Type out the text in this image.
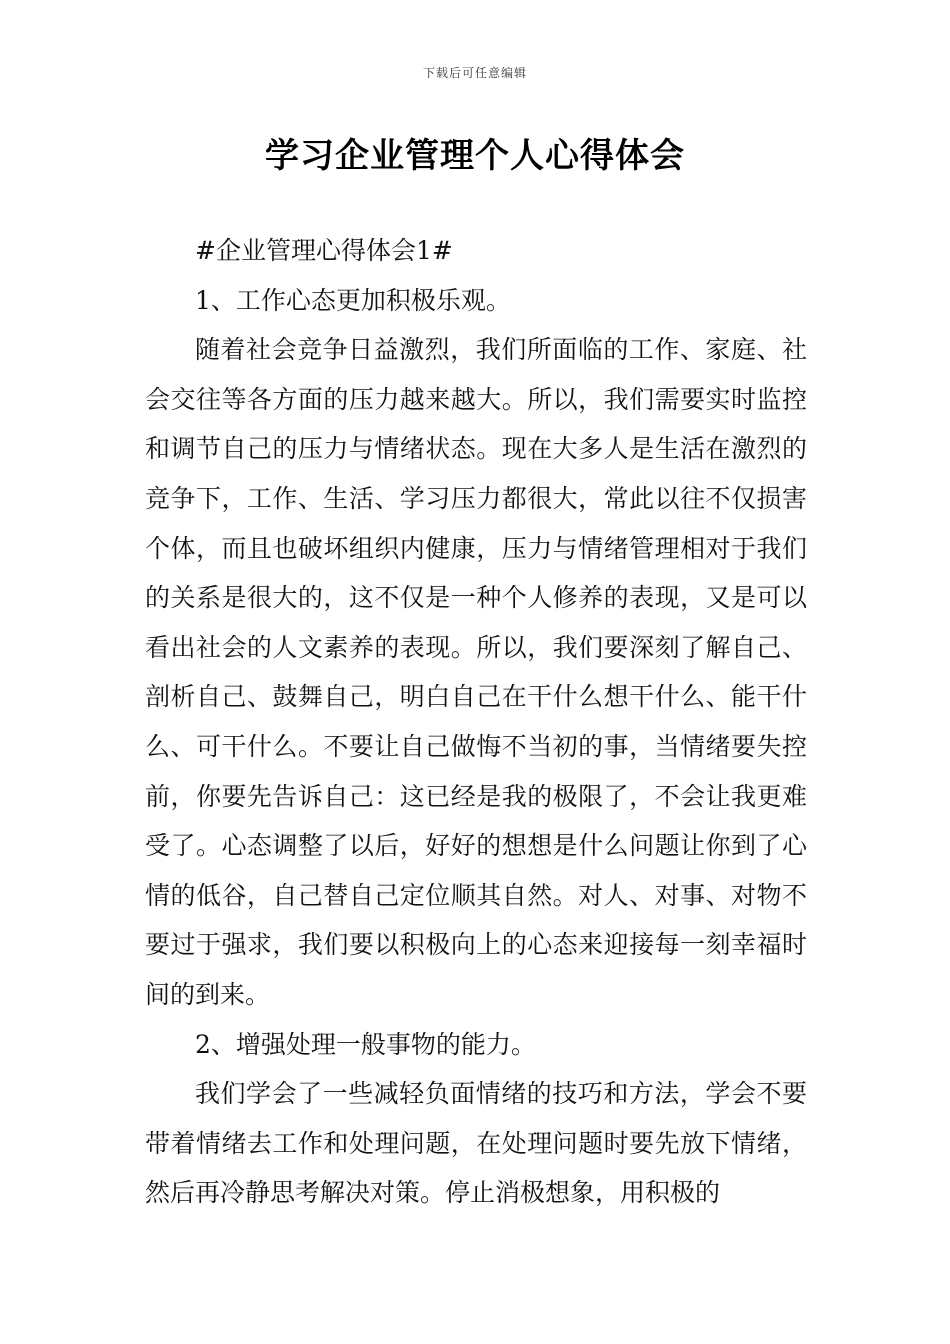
下载后可任意编辑
学习企业管理个人心得体会

#企业管理心得体会1#

1、工作心态更加积极乐观。

随着社会竞争日益激烈，我们所面临的工作、家庭、社会交往等各方面的压力越来越大。所以，我们需要实时监控和调节自己的压力与情绪状态。现在大多人是生活在激烈的竞争下，工作、生活、学习压力都很大，常此以往不仅损害个体，而且也破坏组织内健康，压力与情绪管理相对于我们的关系是很大的，这不仅是一种个人修养的表现，又是可以看出社会的人文素养的表现。所以，我们要深刻了解自己、剖析自己、鼓舞自己，明白自己在干什么想干什么、能干什么、可干什么。不要让自己做悔不当初的事，当情绪要失控前，你要先告诉自己：这已经是我的极限了，不会让我更难受了。心态调整了以后，好好的想想是什么问题让你到了心情的低谷，自己替自己定位顺其自然。对人、对事、对物不要过于强求，我们要以积极向上的心态来迎接每一刻幸福时间的到来。

2、增强处理一般事物的能力。

我们学会了一些减轻负面情绪的技巧和方法，学会不要带着情绪去工作和处理问题，在处理问题时要先放下情绪，然后再冷静思考解决对策。停止消极想象，用积极的
